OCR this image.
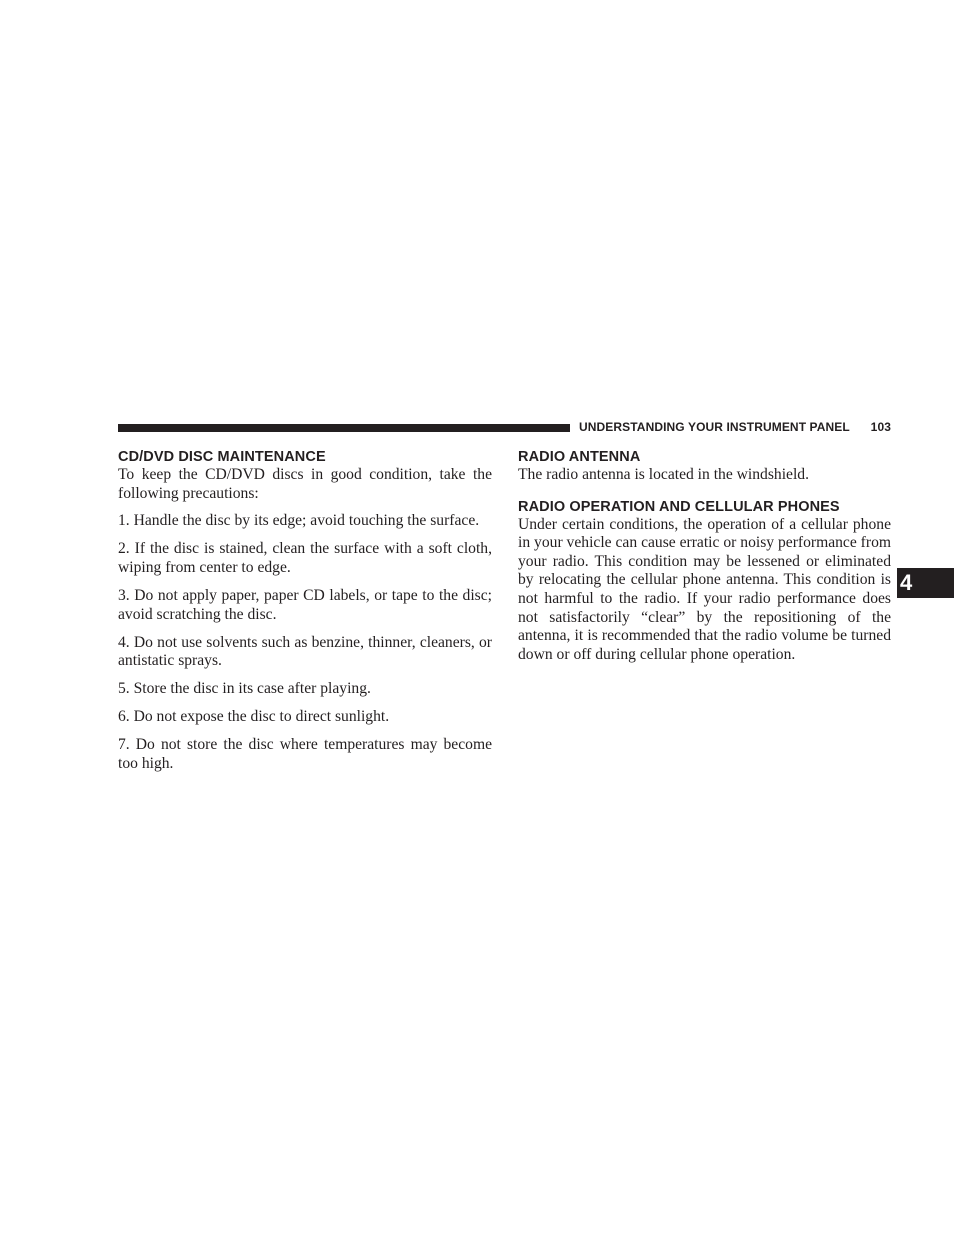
UNDERSTANDING YOUR INSTRUMENT PANEL 103
CD/DVD DISC MAINTENANCE

To keep the CD/DVD discs in good condition, take the following precautions:

1. Handle the disc by its edge; avoid touching the surface.

2. If the disc is stained, clean the surface with a soft cloth, wiping from center to edge.

3. Do not apply paper, paper CD labels, or tape to the disc; avoid scratching the disc.

4. Do not use solvents such as benzine, thinner, cleaners, or antistatic sprays.

5. Store the disc in its case after playing.

6. Do not expose the disc to direct sunlight.

7. Do not store the disc where temperatures may become too high.

RADIO ANTENNA

The radio antenna is located in the windshield.

RADIO OPERATION AND CELLULAR PHONES

Under certain conditions, the operation of a cellular phone in your vehicle can cause erratic or noisy performance from your radio. This condition may be lessened or eliminated by relocating the cellular phone antenna. This condition is not harmful to the radio. If your radio performance does not satisfactorily “clear” by the repositioning of the antenna, it is recommended that the radio volume be turned down or off during cellular phone operation.

4
